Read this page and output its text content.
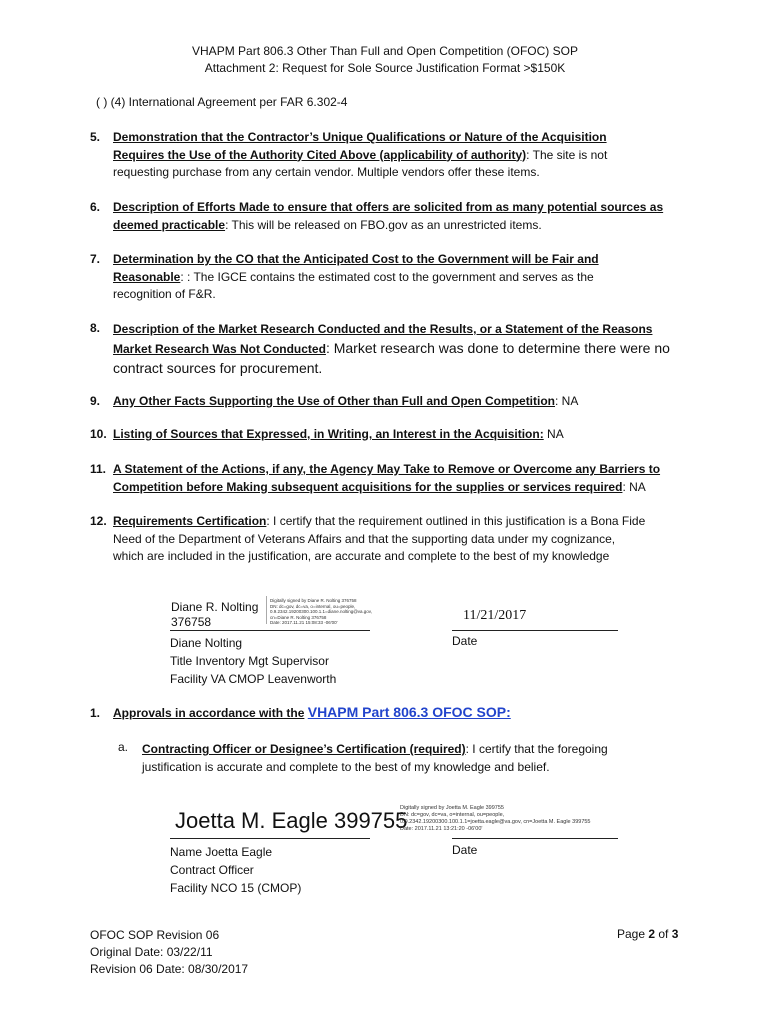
VHAPM Part 806.3 Other Than Full and Open Competition (OFOC) SOP
Attachment 2: Request for Sole Source Justification Format >$150K
( ) (4) International Agreement per FAR 6.302-4
5. Demonstration that the Contractor’s Unique Qualifications or Nature of the Acquisition
Requires the Use of the Authority Cited Above (applicability of authority): The site is not
requesting purchase from any certain vendor. Multiple vendors offer these items.
6. Description of Efforts Made to ensure that offers are solicited from as many potential sources as
deemed practicable: This will be released on FBO.gov as an unrestricted items.
7. Determination by the CO that the Anticipated Cost to the Government will be Fair and
Reasonable: : The IGCE contains the estimated cost to the government and serves as the
recognition of F&R.
8. Description of the Market Research Conducted and the Results, or a Statement of the Reasons
Market Research Was Not Conducted: Market research was done to determine there were no
contract sources for procurement.
9. Any Other Facts Supporting the Use of Other than Full and Open Competition: NA
10. Listing of Sources that Expressed, in Writing, an Interest in the Acquisition: NA
11. A Statement of the Actions, if any, the Agency May Take to Remove or Overcome any Barriers to
Competition before Making subsequent acquisitions for the supplies or services required: NA
12. Requirements Certification: I certify that the requirement outlined in this justification is a Bona Fide
Need of the Department of Veterans Affairs and that the supporting data under my cognizance,
which are included in the justification, are accurate and complete to the best of my knowledge
Diane R. Nolting
376758
Digitally signed by Diane R. Nolting 376758
DN: dc=gov, dc=va, o=internal, ou=people,
0.9.2342.19200300.100.1.1=diane.nolting@va.gov,
cn=Diane R. Nolting 376758
Date: 2017.11.21 15:08:33 -06'00'	11/21/2017
Diane Nolting
Title Inventory Mgt Supervisor
Facility VA CMOP Leavenworth
Date
1. Approvals in accordance with the VHAPM Part 806.3 OFOC SOP:
a. Contracting Officer or Designee’s Certification (required): I certify that the foregoing
justification is accurate and complete to the best of my knowledge and belief.
Joetta M. Eagle 399755
Digitally signed by Joetta M. Eagle 399755
DN: dc=gov, dc=va, o=internal, ou=people,
0.9.2342.19200300.100.1.1=joetta.eagle@va.gov, cn=Joetta M. Eagle 399755
Date: 2017.11.21 13:21:20 -06'00'
Name Joetta Eagle
Contract Officer
Facility NCO 15 (CMOP)
Date
OFOC SOP Revision 06
Original Date: 03/22/11
Revision 06 Date: 08/30/2017
Page 2 of 3
